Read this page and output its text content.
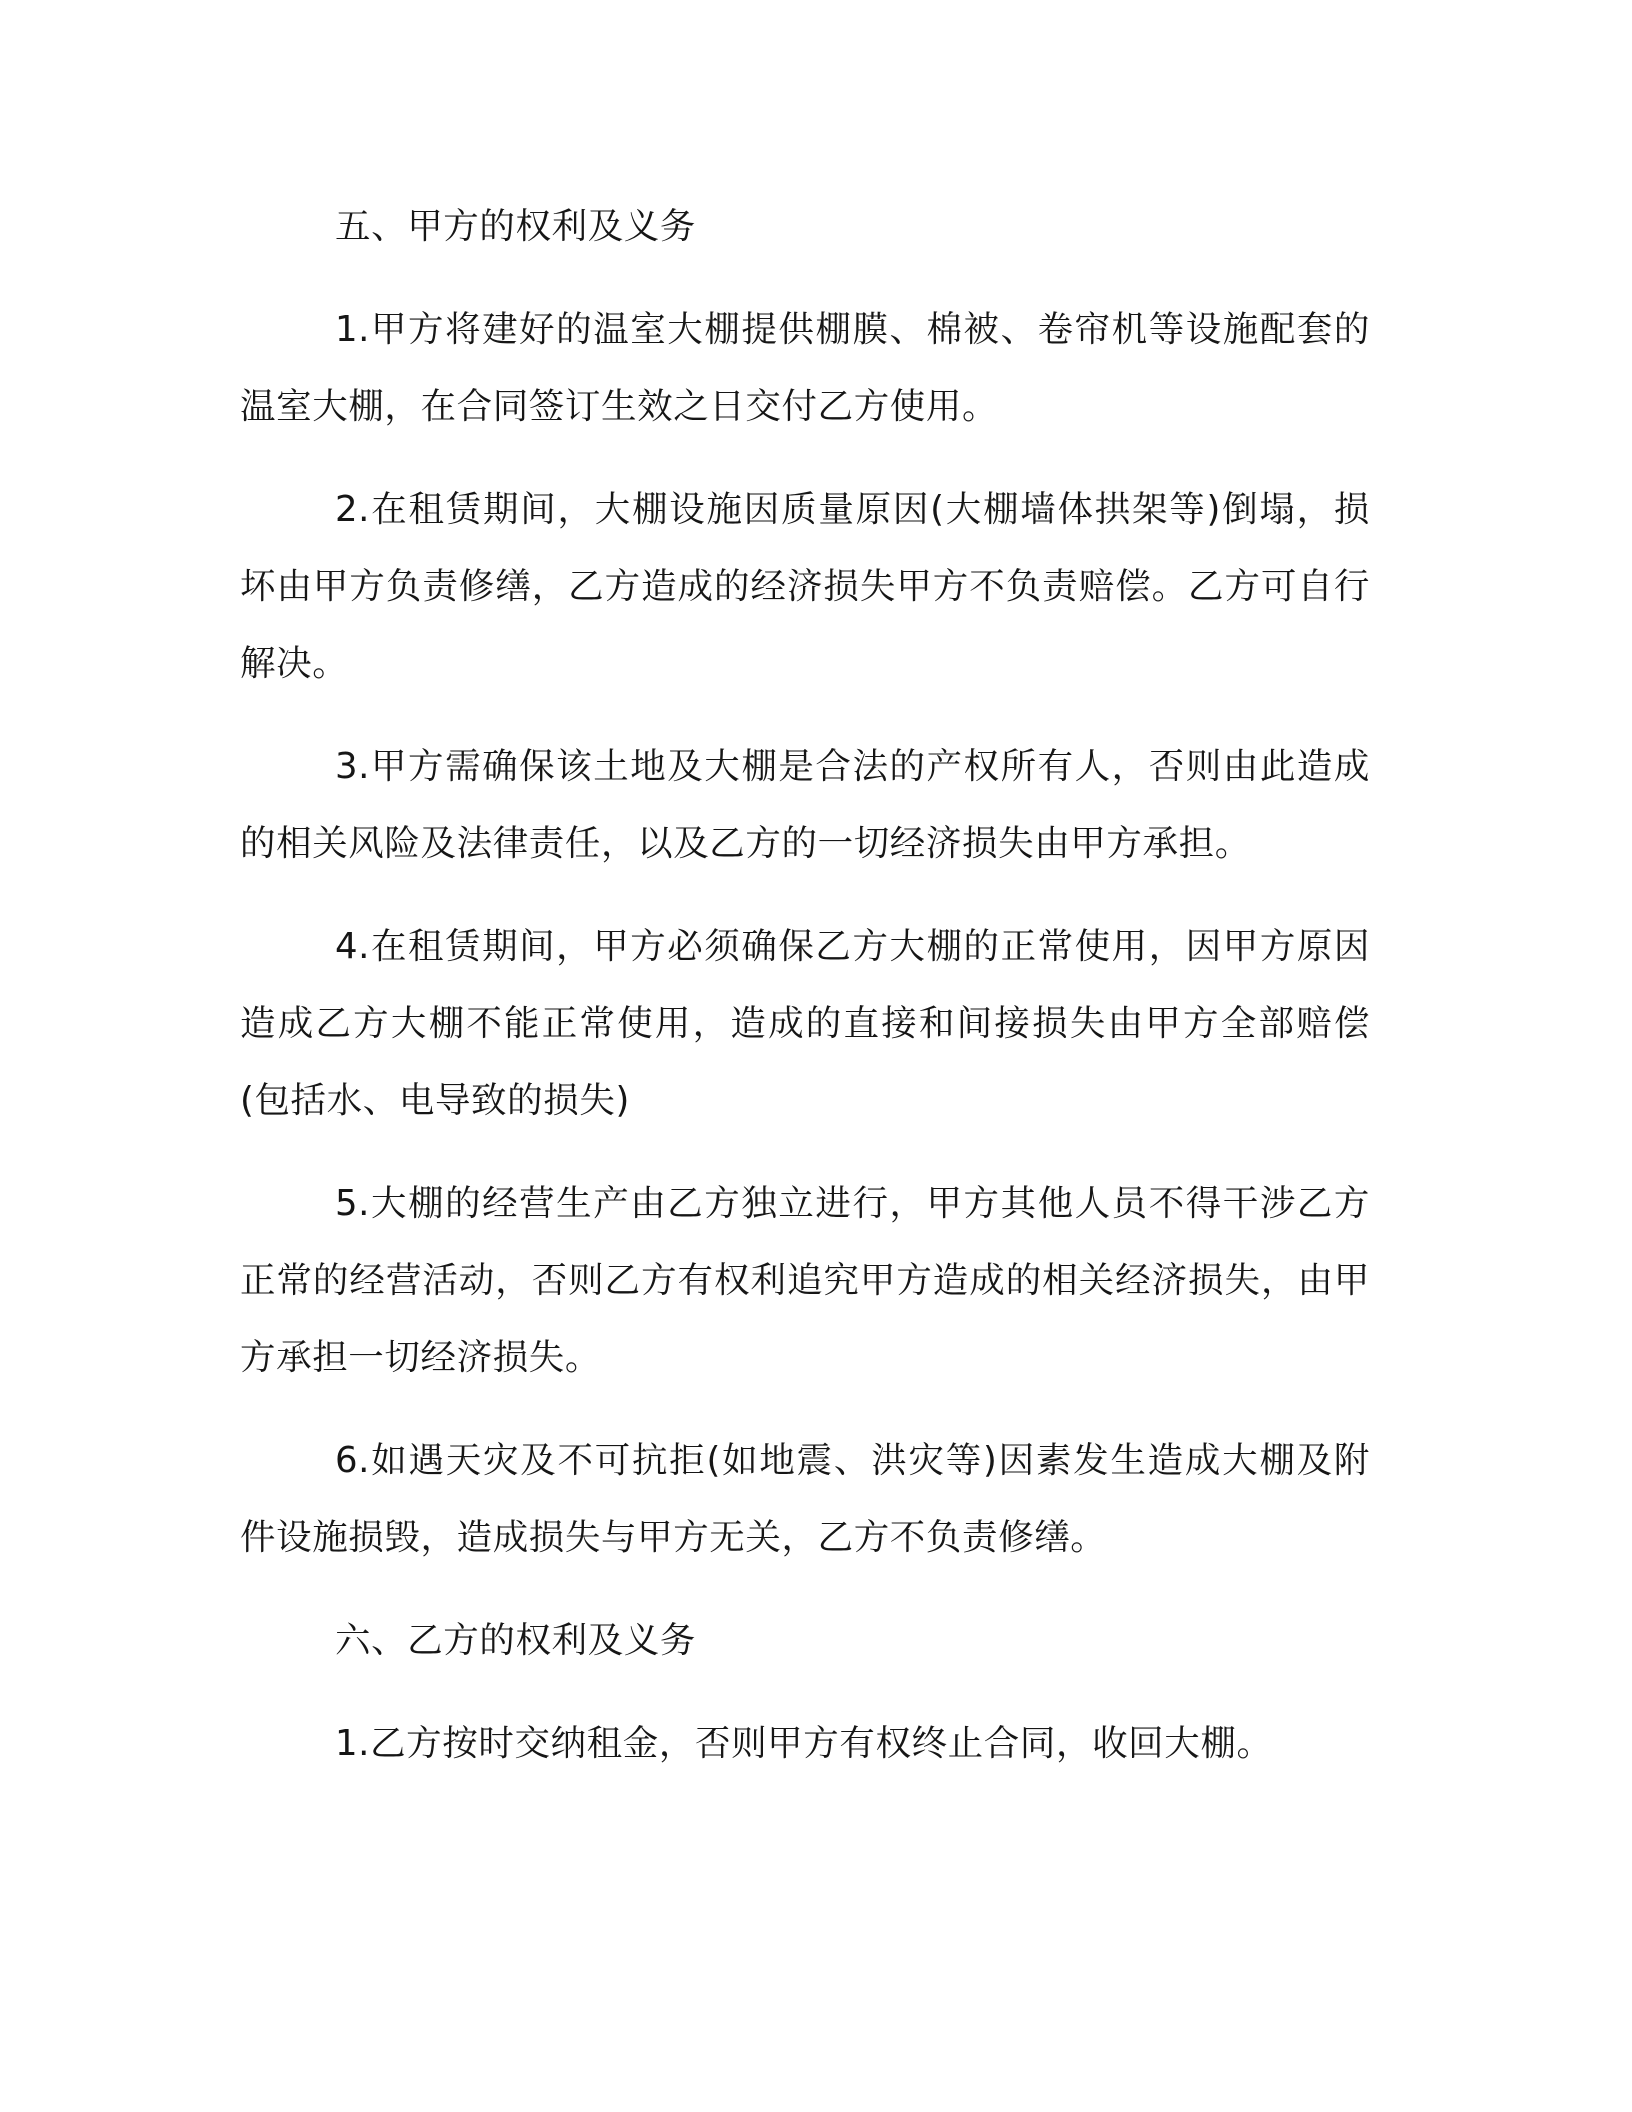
五、甲方的权利及义务

1.甲方将建好的温室大棚提供棚膜、棉被、卷帘机等设施配套的温室大棚，在合同签订生效之日交付乙方使用。

2.在租赁期间，大棚设施因质量原因(大棚墙体拱架等)倒塌，损坏由甲方负责修缮，乙方造成的经济损失甲方不负责赔偿。乙方可自行解决。

3.甲方需确保该土地及大棚是合法的产权所有人，否则由此造成的相关风险及法律责任，以及乙方的一切经济损失由甲方承担。

4.在租赁期间，甲方必须确保乙方大棚的正常使用，因甲方原因造成乙方大棚不能正常使用，造成的直接和间接损失由甲方全部赔偿(包括水、电导致的损失)

5.大棚的经营生产由乙方独立进行，甲方其他人员不得干涉乙方正常的经营活动，否则乙方有权利追究甲方造成的相关经济损失，由甲方承担一切经济损失。

6.如遇天灾及不可抗拒(如地震、洪灾等)因素发生造成大棚及附件设施损毁，造成损失与甲方无关，乙方不负责修缮。

六、乙方的权利及义务

1.乙方按时交纳租金，否则甲方有权终止合同，收回大棚。
